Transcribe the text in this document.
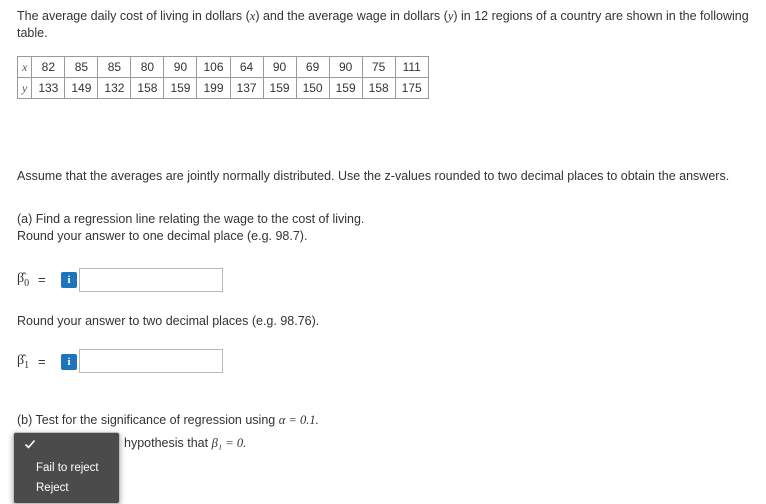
The average daily cost of living in dollars (x) and the average wage in dollars (y) in 12 regions of a country are shown in the following table.
x	82	85	85	80	90	106	64	90	69	90	75	111
y	133	149	132	158	159	199	137	159	150	159	158	175
Assume that the averages are jointly normally distributed. Use the z-values rounded to two decimal places to obtain the answers.
(a) Find a regression line relating the wage to the cost of living.
Round your answer to one decimal place (e.g. 98.7).
$\betâ_0$ =	i
Round your answer to two decimal places (e.g. 98.76).
$\betâ_1$ =	i
(b) Test for the significance of regression using α = 0.1.
hypothesis that β₁ = 0.
Fail to reject
Reject
